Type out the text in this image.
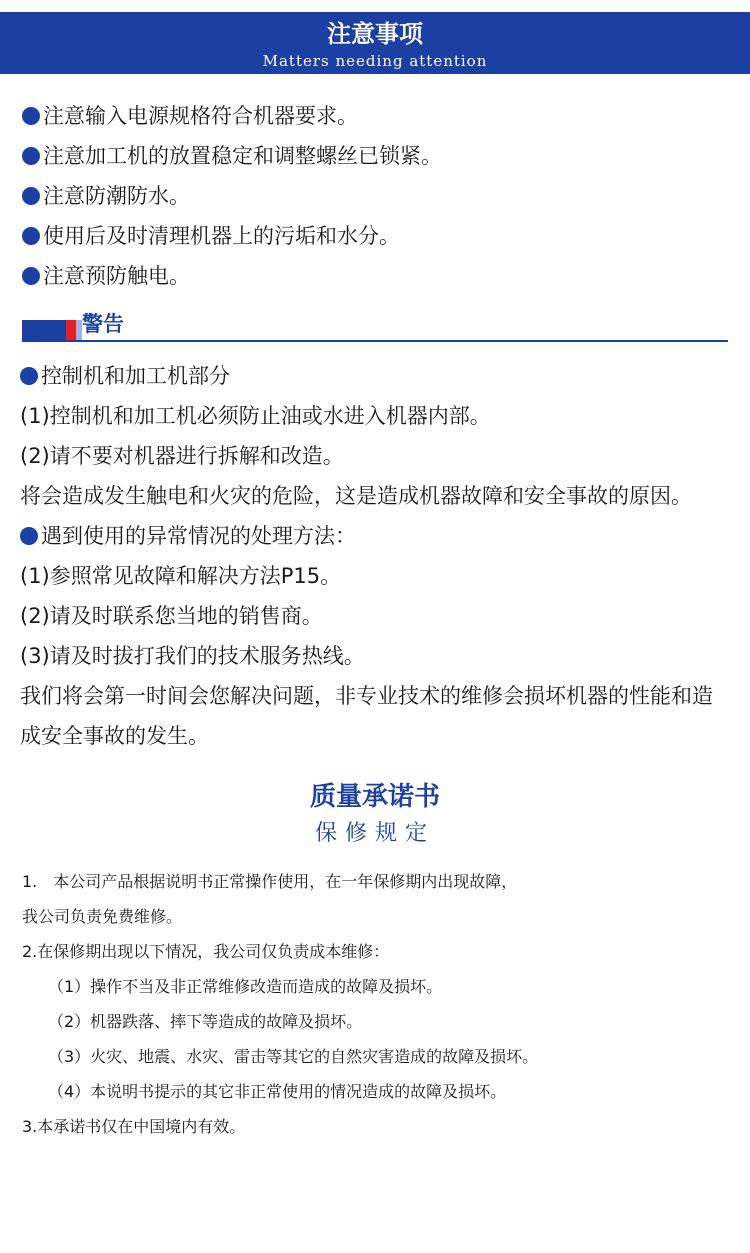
注意事项
Matters needing attention
注意输入电源规格符合机器要求。
注意加工机的放置稳定和调整螺丝已锁紧。
注意防潮防水。
使用后及时清理机器上的污垢和水分。
注意预防触电。
警告
控制机和加工机部分
(1)控制机和加工机必须防止油或水进入机器内部。
(2)请不要对机器进行拆解和改造。
将会造成发生触电和火灾的危险，这是造成机器故障和安全事故的原因。
遇到使用的异常情况的处理方法：
(1)参照常见故障和解决方法P15。
(2)请及时联系您当地的销售商。
(3)请及时拔打我们的技术服务热线。
我们将会第一时间会您解决问题，非专业技术的维修会损坏机器的性能和造成安全事故的发生。
质量承诺书
保修规定
1.　本公司产品根据说明书正常操作使用，在一年保修期内出现故障，
我公司负责免费维修。
2.在保修期出现以下情况，我公司仅负责成本维修：
（1）操作不当及非正常维修改造而造成的故障及损坏。
（2）机器跌落、摔下等造成的故障及损坏。
（3）火灾、地震、水灾、雷击等其它的自然灾害造成的故障及损坏。
（4）本说明书提示的其它非正常使用的情况造成的故障及损坏。
3.本承诺书仅在中国境内有效。
